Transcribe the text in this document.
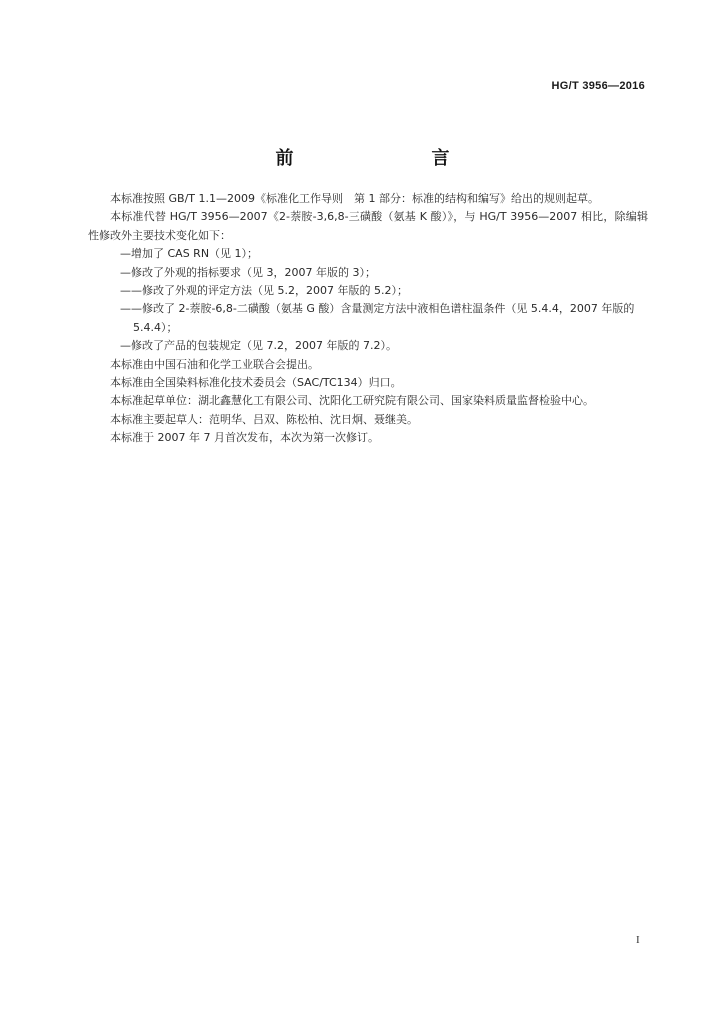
HG/T 3956—2016
前　　言

本标准按照 GB/T 1.1—2009《标准化工作导则　第 1 部分：标准的结构和编写》给出的规则起草。

本标准代替 HG/T 3956—2007《2-萘胺-3,6,8-三磺酸（氨基 K 酸）》，与 HG/T 3956—2007 相比，除编辑性修改外主要技术变化如下：

—增加了 CAS RN（见 1）；

—修改了外观的指标要求（见 3，2007 年版的 3）；

——修改了外观的评定方法（见 5.2，2007 年版的 5.2）；

——修改了 2-萘胺-6,8-二磺酸（氨基 G 酸）含量测定方法中液相色谱柱温条件（见 5.4.4，2007 年版的 5.4.4）；

—修改了产品的包装规定（见 7.2，2007 年版的 7.2）。

本标准由中国石油和化学工业联合会提出。

本标准由全国染料标准化技术委员会（SAC/TC134）归口。

本标准起草单位：湖北鑫慧化工有限公司、沈阳化工研究院有限公司、国家染料质量监督检验中心。

本标准主要起草人：范明华、吕双、陈松柏、沈日炯、聂继美。

本标准于 2007 年 7 月首次发布，本次为第一次修订。

I
